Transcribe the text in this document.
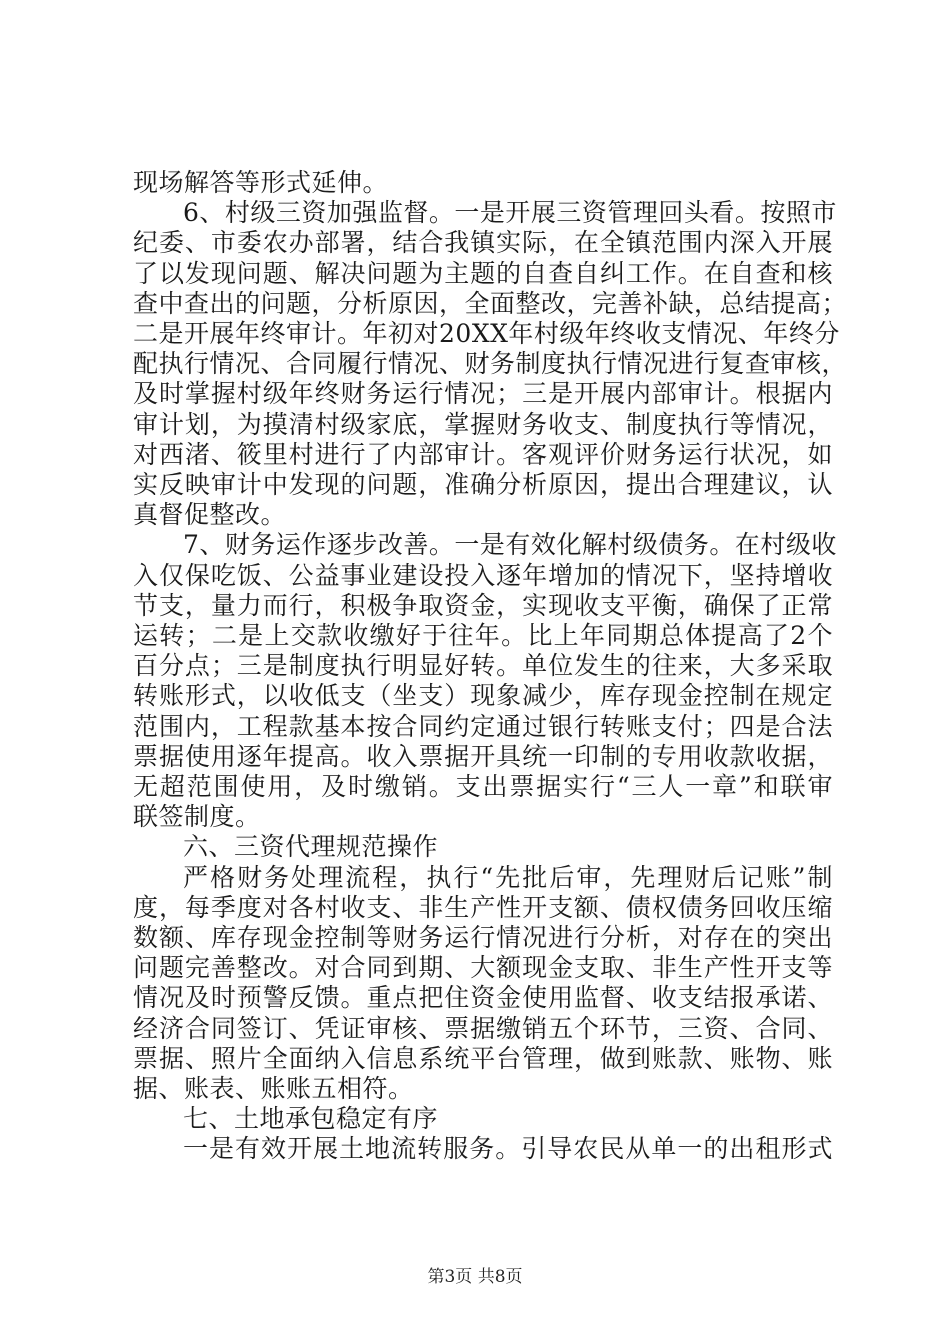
现场解答等形式延伸。
6、村级三资加强监督。一是开展三资管理回头看。按照市
纪委、市委农办部署，结合我镇实际，在全镇范围内深入开展
了以发现问题、解决问题为主题的自查自纠工作。在自查和核
查中查出的问题，分析原因，全面整改，完善补缺，总结提高；
二是开展年终审计。年初对20XX年村级年终收支情况、年终分
配执行情况、合同履行情况、财务制度执行情况进行复查审核，
及时掌握村级年终财务运行情况；三是开展内部审计。根据内
审计划，为摸清村级家底，掌握财务收支、制度执行等情况，
对西渚、筱里村进行了内部审计。客观评价财务运行状况，如
实反映审计中发现的问题，准确分析原因，提出合理建议，认
真督促整改。
7、财务运作逐步改善。一是有效化解村级债务。在村级收
入仅保吃饭、公益事业建设投入逐年增加的情况下，坚持增收
节支，量力而行，积极争取资金，实现收支平衡，确保了正常
运转；二是上交款收缴好于往年。比上年同期总体提高了2个
百分点；三是制度执行明显好转。单位发生的往来，大多采取
转账形式，以收低支（坐支）现象减少，库存现金控制在规定
范围内，工程款基本按合同约定通过银行转账支付；四是合法
票据使用逐年提高。收入票据开具统一印制的专用收款收据，
无超范围使用，及时缴销。支出票据实行“三人一章”和联审
联签制度。
六、三资代理规范操作
严格财务处理流程，执行“先批后审，先理财后记账”制
度，每季度对各村收支、非生产性开支额、债权债务回收压缩
数额、库存现金控制等财务运行情况进行分析，对存在的突出
问题完善整改。对合同到期、大额现金支取、非生产性开支等
情况及时预警反馈。重点把住资金使用监督、收支结报承诺、
经济合同签订、凭证审核、票据缴销五个环节，三资、合同、
票据、照片全面纳入信息系统平台管理，做到账款、账物、账
据、账表、账账五相符。
七、土地承包稳定有序
一是有效开展土地流转服务。引导农民从单一的出租形式
第3页 共8页
